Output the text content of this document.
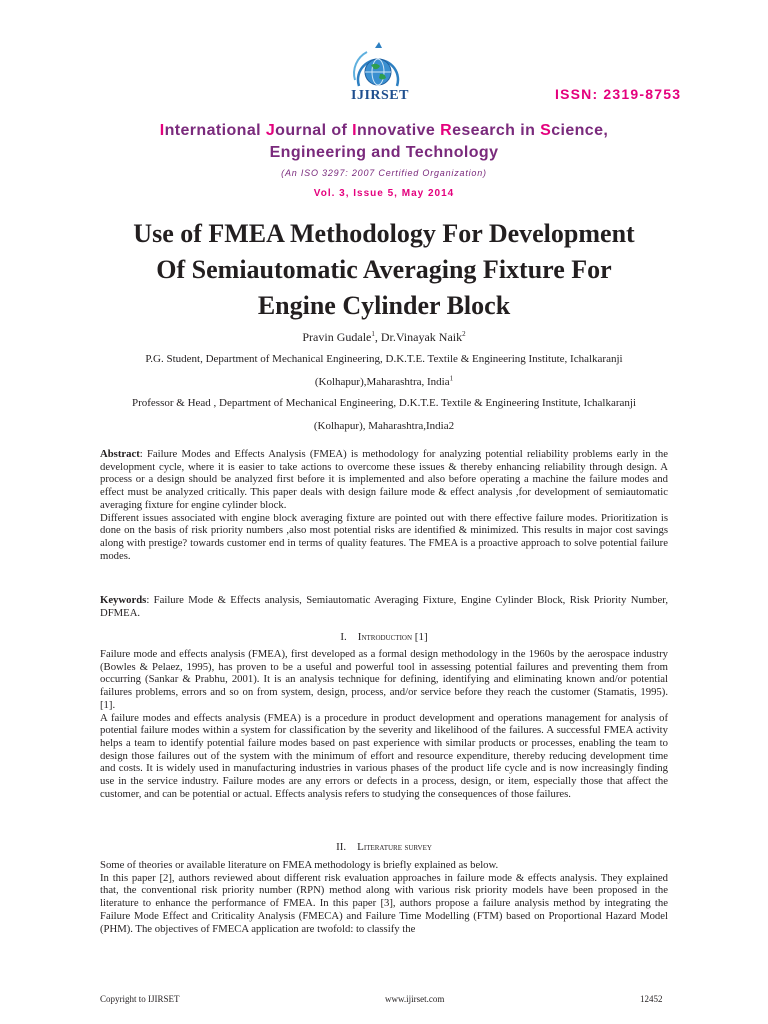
IJIRSET	ISSN: 2319-8753
International Journal of Innovative Research in Science,
Engineering and Technology
(An ISO 3297: 2007 Certified Organization)
Vol. 3, Issue 5, May 2014
Use of FMEA Methodology For Development
Of Semiautomatic Averaging Fixture For
Engine Cylinder Block
Pravin Gudale$^1$, Dr.Vinayak Naik$^2$
P.G. Student, Department of Mechanical Engineering, D.K.T.E. Textile & Engineering Institute, Ichalkaranji
(Kolhapur),Maharashtra, India$^1$
Professor & Head , Department of Mechanical Engineering, D.K.T.E. Textile & Engineering Institute, Ichalkaranji
(Kolhapur), Maharashtra,India2

Abstract: Failure Modes and Effects Analysis (FMEA) is methodology for analyzing potential reliability problems early in the development cycle, where it is easier to take actions to overcome these issues & thereby enhancing reliability through design. A process or a design should be analyzed first before it is implemented and also before operating a machine the failure modes and effect must be analyzed critically. This paper deals with design failure mode & effect analysis ,for development of semiautomatic averaging fixture for engine cylinder block.

Different issues associated with engine block averaging fixture are pointed out with there effective failure modes. Prioritization is done on the basis of risk priority numbers ,also most potential risks are identified & minimized. This results in major cost savings along with prestige? towards customer end in terms of quality features. The FMEA is a proactive approach to solve potential failure modes.

Keywords: Failure Mode & Effects analysis, Semiautomatic Averaging Fixture, Engine Cylinder Block, Risk Priority Number, DFMEA.

I. Introduction [1]

Failure mode and effects analysis (FMEA), first developed as a formal design methodology in the 1960s by the aerospace industry (Bowles & Pelaez, 1995), has proven to be a useful and powerful tool in assessing potential failures and preventing them from occurring (Sankar & Prabhu, 2001). It is an analysis technique for defining, identifying and eliminating known and/or potential failures problems, errors and so on from system, design, process, and/or service before they reach the customer (Stamatis, 1995). [1].

A failure modes and effects analysis (FMEA) is a procedure in product development and operations management for analysis of potential failure modes within a system for classification by the severity and likelihood of the failures. A successful FMEA activity helps a team to identify potential failure modes based on past experience with similar products or processes, enabling the team to design those failures out of the system with the minimum of effort and resource expenditure, thereby reducing development time and costs. It is widely used in manufacturing industries in various phases of the product life cycle and is now increasingly finding use in the service industry. Failure modes are any errors or defects in a process, design, or item, especially those that affect the customer, and can be potential or actual. Effects analysis refers to studying the consequences of those failures.

II. Literature survey

Some of theories or available literature on FMEA methodology is briefly explained as below.

In this paper [2], authors reviewed about different risk evaluation approaches in failure mode & effects analysis. They explained that, the conventional risk priority number (RPN) method along with various risk priority models have been proposed in the literature to enhance the performance of FMEA. In this paper [3], authors propose a failure analysis method by integrating the Failure Mode Effect and Criticality Analysis (FMECA) and Failure Time Modelling (FTM) based on Proportional Hazard Model (PHM). The objectives of FMECA application are twofold: to classify the

Copyright to IJIRSET	www.ijirset.com	12452
